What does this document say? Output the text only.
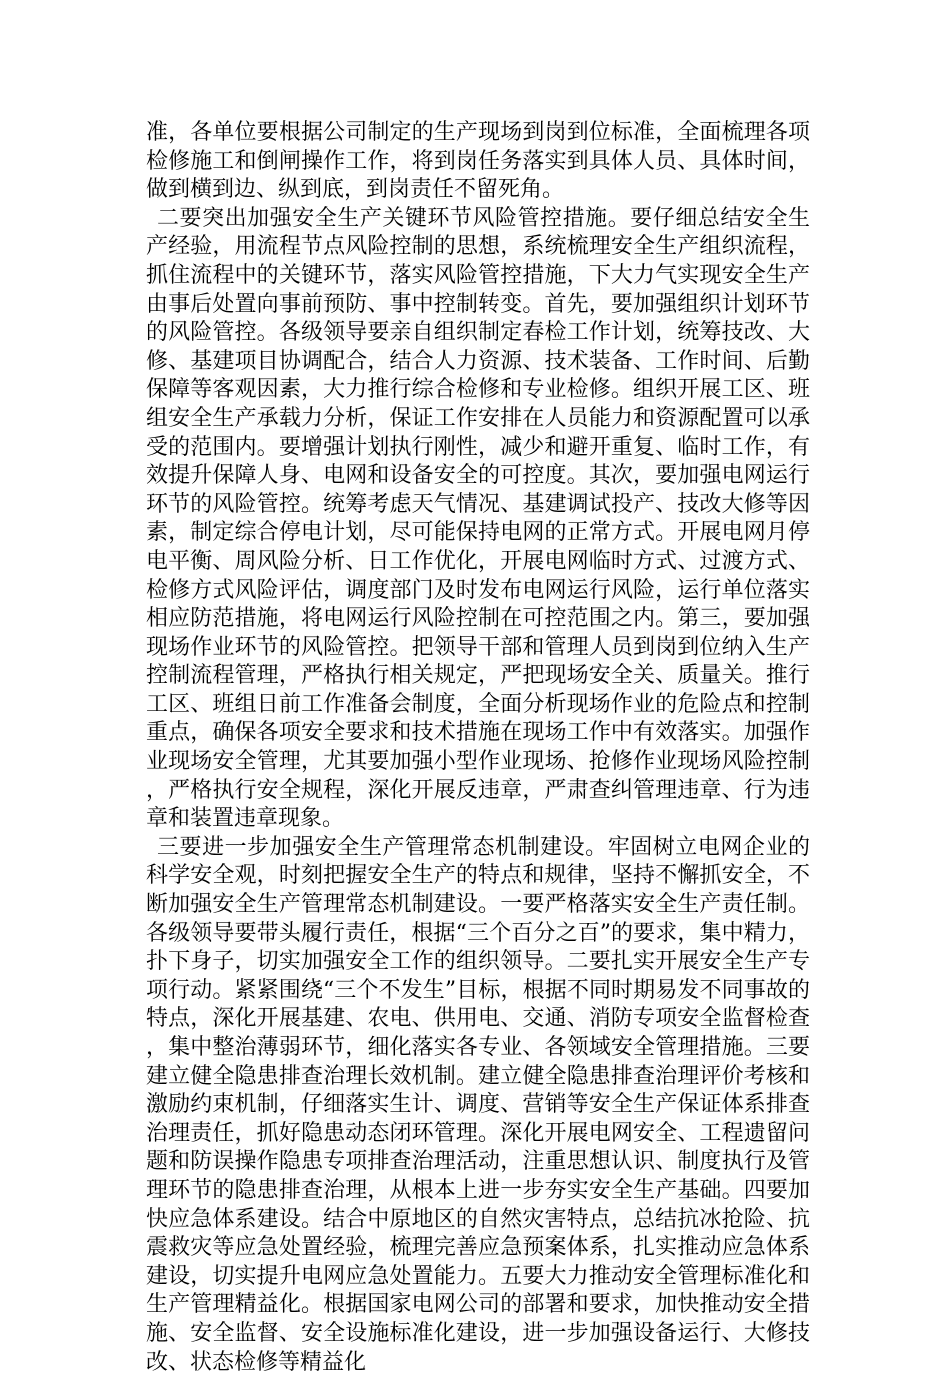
准，各单位要根据公司制定的生产现场到岗到位标准，全面梳理各项检修施工和倒闸操作工作，将到岗任务落实到具体人员、具体时间，做到横到边、纵到底，到岗责任不留死角。

二要突出加强安全生产关键环节风险管控措施。要仔细总结安全生产经验，用流程节点风险控制的思想，系统梳理安全生产组织流程，抓住流程中的关键环节，落实风险管控措施，下大力气实现安全生产由事后处置向事前预防、事中控制转变。首先，要加强组织计划环节的风险管控。各级领导要亲自组织制定春检工作计划，统筹技改、大修、基建项目协调配合，结合人力资源、技术装备、工作时间、后勤保障等客观因素，大力推行综合检修和专业检修。组织开展工区、班组安全生产承载力分析，保证工作安排在人员能力和资源配置可以承受的范围内。要增强计划执行刚性，减少和避开重复、临时工作，有效提升保障人身、电网和设备安全的可控度。其次，要加强电网运行环节的风险管控。统筹考虑天气情况、基建调试投产、技改大修等因素，制定综合停电计划，尽可能保持电网的正常方式。开展电网月停电平衡、周风险分析、日工作优化，开展电网临时方式、过渡方式、检修方式风险评估，调度部门及时发布电网运行风险，运行单位落实相应防范措施，将电网运行风险控制在可控范围之内。第三，要加强现场作业环节的风险管控。把领导干部和管理人员到岗到位纳入生产控制流程管理，严格执行相关规定，严把现场安全关、质量关。推行工区、班组日前工作准备会制度，全面分析现场作业的危险点和控制重点，确保各项安全要求和技术措施在现场工作中有效落实。加强作业现场安全管理，尤其要加强小型作业现场、抢修作业现场风险控制，严格执行安全规程，深化开展反违章，严肃查纠管理违章、行为违章和装置违章现象。

三要进一步加强安全生产管理常态机制建设。牢固树立电网企业的科学安全观，时刻把握安全生产的特点和规律，坚持不懈抓安全，不断加强安全生产管理常态机制建设。一要严格落实安全生产责任制。各级领导要带头履行责任，根据“三个百分之百”的要求，集中精力，扑下身子，切实加强安全工作的组织领导。二要扎实开展安全生产专项行动。紧紧围绕“三个不发生”目标，根据不同时期易发不同事故的特点，深化开展基建、农电、供用电、交通、消防专项安全监督检查，集中整治薄弱环节，细化落实各专业、各领域安全管理措施。三要建立健全隐患排查治理长效机制。建立健全隐患排查治理评价考核和激励约束机制，仔细落实生计、调度、营销等安全生产保证体系排查治理责任，抓好隐患动态闭环管理。深化开展电网安全、工程遗留问题和防误操作隐患专项排查治理活动，注重思想认识、制度执行及管理环节的隐患排查治理，从根本上进一步夯实安全生产基础。四要加快应急体系建设。结合中原地区的自然灾害特点，总结抗冰抢险、抗震救灾等应急处置经验，梳理完善应急预案体系，扎实推动应急体系建设，切实提升电网应急处置能力。五要大力推动安全管理标准化和生产管理精益化。根据国家电网公司的部署和要求，加快推动安全措施、安全监督、安全设施标准化建设，进一步加强设备运行、大修技改、状态检修等精益化
